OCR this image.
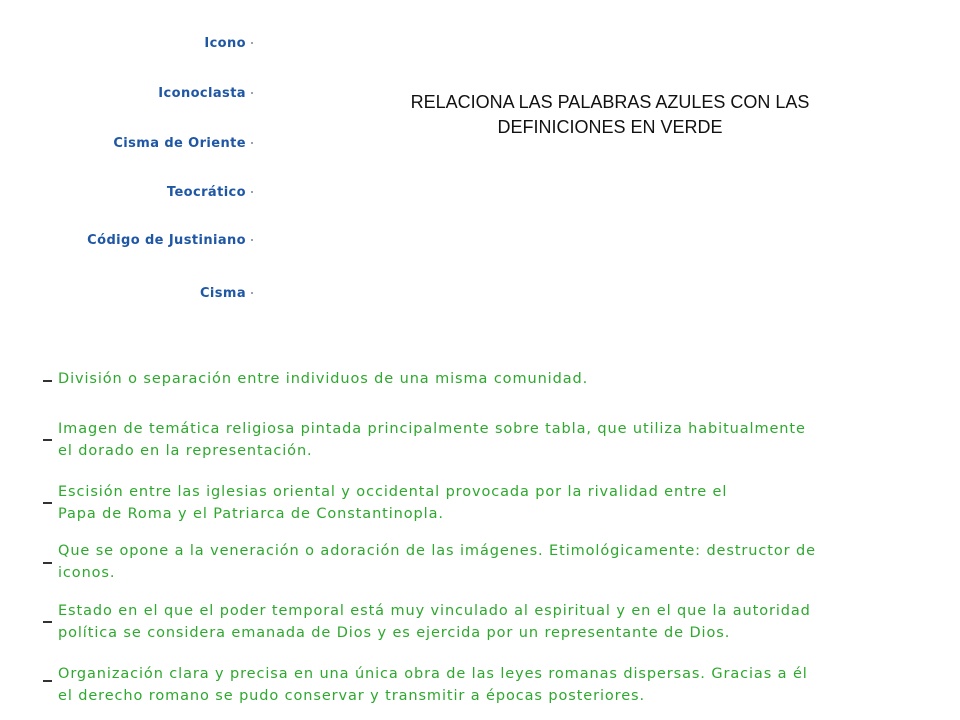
Icono
Iconoclasta
Cisma de Oriente
Teocrático
Código de Justiniano
Cisma
RELACIONA LAS PALABRAS AZULES CON LAS
DEFINICIONES EN VERDE
División o separación entre individuos de una misma comunidad.
Imagen de temática religiosa pintada principalmente sobre tabla, que utiliza habitualmente
el dorado en la representación.
Escisión entre las iglesias oriental y occidental provocada por la rivalidad entre el
Papa de Roma y el Patriarca de Constantinopla.
Que se opone a la veneración o adoración de las imágenes. Etimológicamente: destructor de
iconos.
Estado en el que el poder temporal está muy vinculado al espiritual y en el que la autoridad
política se considera emanada de Dios y es ejercida por un representante de Dios.
Organización clara y precisa en una única obra de las leyes romanas dispersas. Gracias a él
el derecho romano se pudo conservar y transmitir a épocas posteriores.
